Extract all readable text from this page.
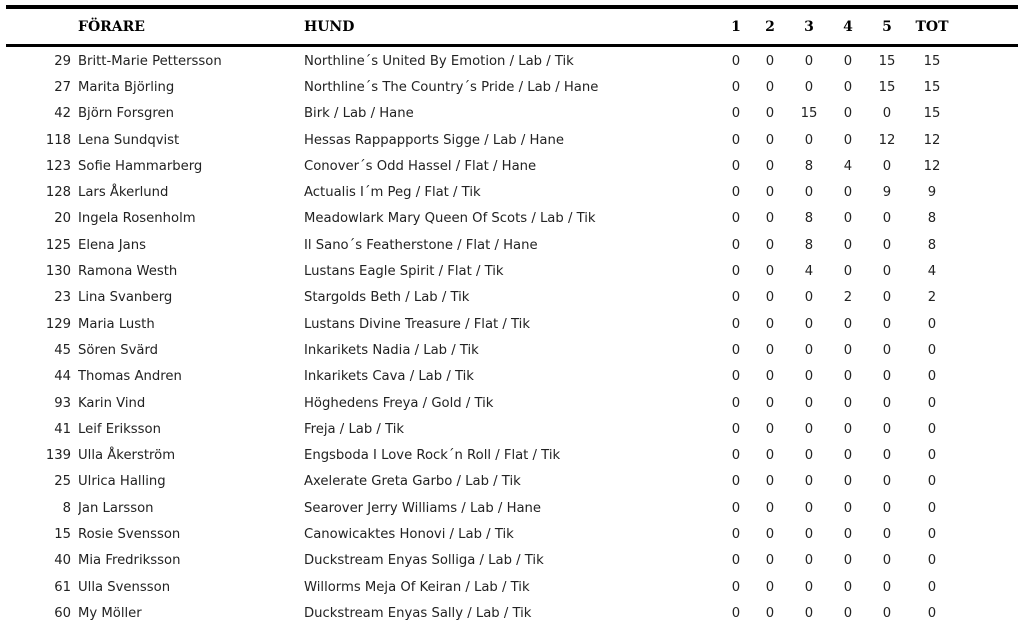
	FÖRARE	HUND	1	2	3	4	5	TOT	

29	Britt-Marie Pettersson	Northline´s United By Emotion / Lab / Tik	0	0	0	0	15	15	
27	Marita Björling	Northline´s The Country´s Pride / Lab / Hane	0	0	0	0	15	15	
42	Björn Forsgren	Birk / Lab / Hane	0	0	15	0	0	15	
118	Lena Sundqvist	Hessas Rappapports Sigge / Lab / Hane	0	0	0	0	12	12	
123	Sofie Hammarberg	Conover´s Odd Hassel / Flat / Hane	0	0	8	4	0	12	
128	Lars Åkerlund	Actualis I´m Peg / Flat / Tik	0	0	0	0	9	9	
20	Ingela Rosenholm	Meadowlark Mary Queen Of Scots / Lab / Tik	0	0	8	0	0	8	
125	Elena Jans	Il Sano´s Featherstone / Flat / Hane	0	0	8	0	0	8	
130	Ramona Westh	Lustans Eagle Spirit / Flat / Tik	0	0	4	0	0	4	
23	Lina Svanberg	Stargolds Beth / Lab / Tik	0	0	0	2	0	2	
129	Maria Lusth	Lustans Divine Treasure / Flat / Tik	0	0	0	0	0	0	
45	Sören Svärd	Inkarikets Nadia / Lab / Tik	0	0	0	0	0	0	
44	Thomas Andren	Inkarikets Cava / Lab / Tik	0	0	0	0	0	0	
93	Karin Vind	Höghedens Freya / Gold / Tik	0	0	0	0	0	0	
41	Leif Eriksson	Freja / Lab / Tik	0	0	0	0	0	0	
139	Ulla Åkerström	Engsboda I Love Rock´n Roll / Flat / Tik	0	0	0	0	0	0	
25	Ulrica Halling	Axelerate Greta Garbo / Lab / Tik	0	0	0	0	0	0	
8	Jan Larsson	Searover Jerry Williams / Lab / Hane	0	0	0	0	0	0	
15	Rosie Svensson	Canowicaktes Honovi / Lab / Tik	0	0	0	0	0	0	
40	Mia Fredriksson	Duckstream Enyas Solliga / Lab / Tik	0	0	0	0	0	0	
61	Ulla Svensson	Willorms Meja Of Keiran / Lab / Tik	0	0	0	0	0	0	
60	My Möller	Duckstream Enyas Sally / Lab / Tik	0	0	0	0	0	0	
